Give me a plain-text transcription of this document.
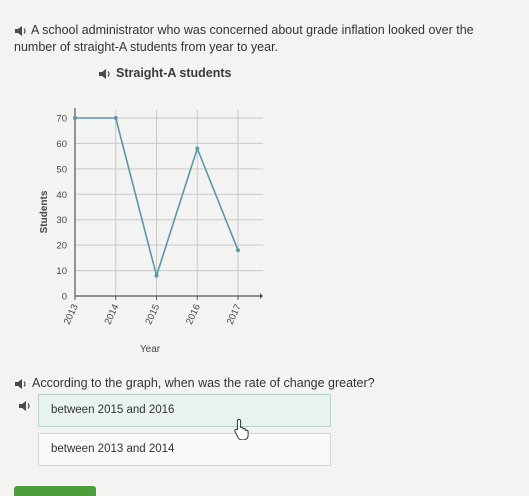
0
10
20
30
40
50
60
70
2013 2014 2015 2016 2017
Students
Year
A school administrator who was concerned about grade inflation looked over the number of straight-A students from year to year.
Straight-A students
According to the graph, when was the rate of change greater?
between 2015 and 2016
between 2013 and 2014
